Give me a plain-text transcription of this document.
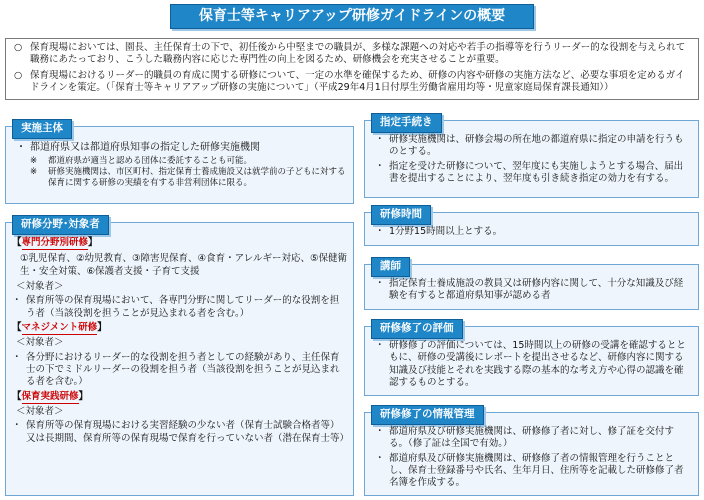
保育士等キャリアアップ研修ガイドラインの概要
○ 保育現場においては、園長、主任保育士の下で、初任後から中堅までの職員が、多様な課題への対応や若手の指導等を行うリーダー的な役割を与えられて職務にあたっており、こうした職務内容に応じた専門性の向上を図るため、研修機会を充実させることが重要。
○ 保育現場におけるリーダー的職員の育成に関する研修について、一定の水準を確保するため、研修の内容や研修の実施方法など、必要な事項を定めるガイドラインを策定。（「保育士等キャリアアップ研修の実施について」（平成29年4月1日付厚生労働省雇用均等・児童家庭局保育課長通知））
実施主体
・ 都道府県又は都道府県知事の指定した研修実施機関
※	都道府県が適当と認める団体に委託することも可能。
※	研修実施機関は、市区町村、指定保育士養成施設又は就学前の子どもに対する保育に関する研修の実績を有する非営利団体に限る。
研修分野･対象者
【専門分野別研修】
①乳児保育、②幼児教育、③障害児保育、④食育・アレルギー対応、⑤保健衛生・安全対策、⑥保護者支援・子育て支援
＜対象者＞
・ 保育所等の保育現場において、各専門分野に関してリーダー的な役割を担う者（当該役割を担うことが見込まれる者を含む。）
【マネジメント研修】
＜対象者＞
・ 各分野におけるリーダー的な役割を担う者としての経験があり、主任保育士の下でミドルリーダーの役割を担う者（当該役割を担うことが見込まれる者を含む。）
【保育実践研修】
＜対象者＞
・ 保育所等の保育現場における実習経験の少ない者（保育士試験合格者等）又は長期間、保育所等の保育現場で保育を行っていない者（潜在保育士等）
指定手続き
・ 研修実施機関は、研修会場の所在地の都道府県に指定の申請を行うものとする。
・ 指定を受けた研修について、翌年度にも実施しようとする場合、届出書を提出することにより、翌年度も引き続き指定の効力を有する。
研修時間
・ 1分野15時間以上とする。
講師
・ 指定保育士養成施設の教員又は研修内容に関して、十分な知識及び経験を有すると都道府県知事が認める者
研修修了の評価
・ 研修修了の評価については、15時間以上の研修の受講を確認するとともに、研修の受講後にレポートを提出させるなど、研修内容に関する知識及び技能とそれを実践する際の基本的な考え方や心得の認識を確認するものとする。
研修修了の情報管理
・ 都道府県及び研修実施機関は、研修修了者に対し、修了証を交付する。（修了証は全国で有効。）
・ 都道府県及び研修実施機関は、研修修了者の情報管理を行うこととし、保育士登録番号や氏名、生年月日、住所等を記載した研修修了者名簿を作成する。
